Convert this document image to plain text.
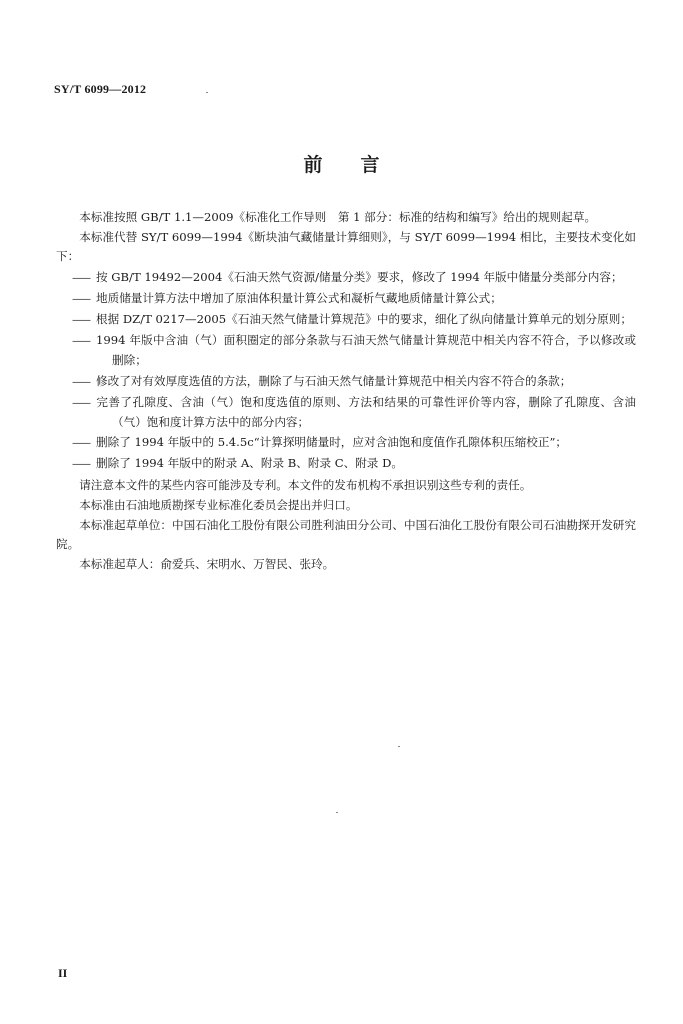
SY/T 6099—2012
前言

本标准按照 GB/T 1.1—2009《标准化工作导则　第 1 部分：标准的结构和编写》给出的规则起草。

本标准代替 SY/T 6099—1994《断块油气藏储量计算细则》，与 SY/T 6099—1994 相比，主要技术变化如下：

—— 按 GB/T 19492—2004《石油天然气资源/储量分类》要求，修改了 1994 年版中储量分类部分内容；

—— 地质储量计算方法中增加了原油体积量计算公式和凝析气藏地质储量计算公式；

—— 根据 DZ/T 0217—2005《石油天然气储量计算规范》中的要求，细化了纵向储量计算单元的划分原则；

—— 1994 年版中含油（气）面积圈定的部分条款与石油天然气储量计算规范中相关内容不符合，予以修改或删除；

—— 修改了对有效厚度选值的方法，删除了与石油天然气储量计算规范中相关内容不符合的条款；

—— 完善了孔隙度、含油（气）饱和度选值的原则、方法和结果的可靠性评价等内容，删除了孔隙度、含油（气）饱和度计算方法中的部分内容；

—— 删除了 1994 年版中的 5.4.5c“计算探明储量时，应对含油饱和度值作孔隙体积压缩校正”；

—— 删除了 1994 年版中的附录 A、附录 B、附录 C、附录 D。

请注意本文件的某些内容可能涉及专利。本文件的发布机构不承担识别这些专利的责任。

本标准由石油地质勘探专业标准化委员会提出并归口。

本标准起草单位：中国石油化工股份有限公司胜利油田分公司、中国石油化工股份有限公司石油勘探开发研究院。

本标准起草人：俞爱兵、宋明水、万智民、张玲。

II
